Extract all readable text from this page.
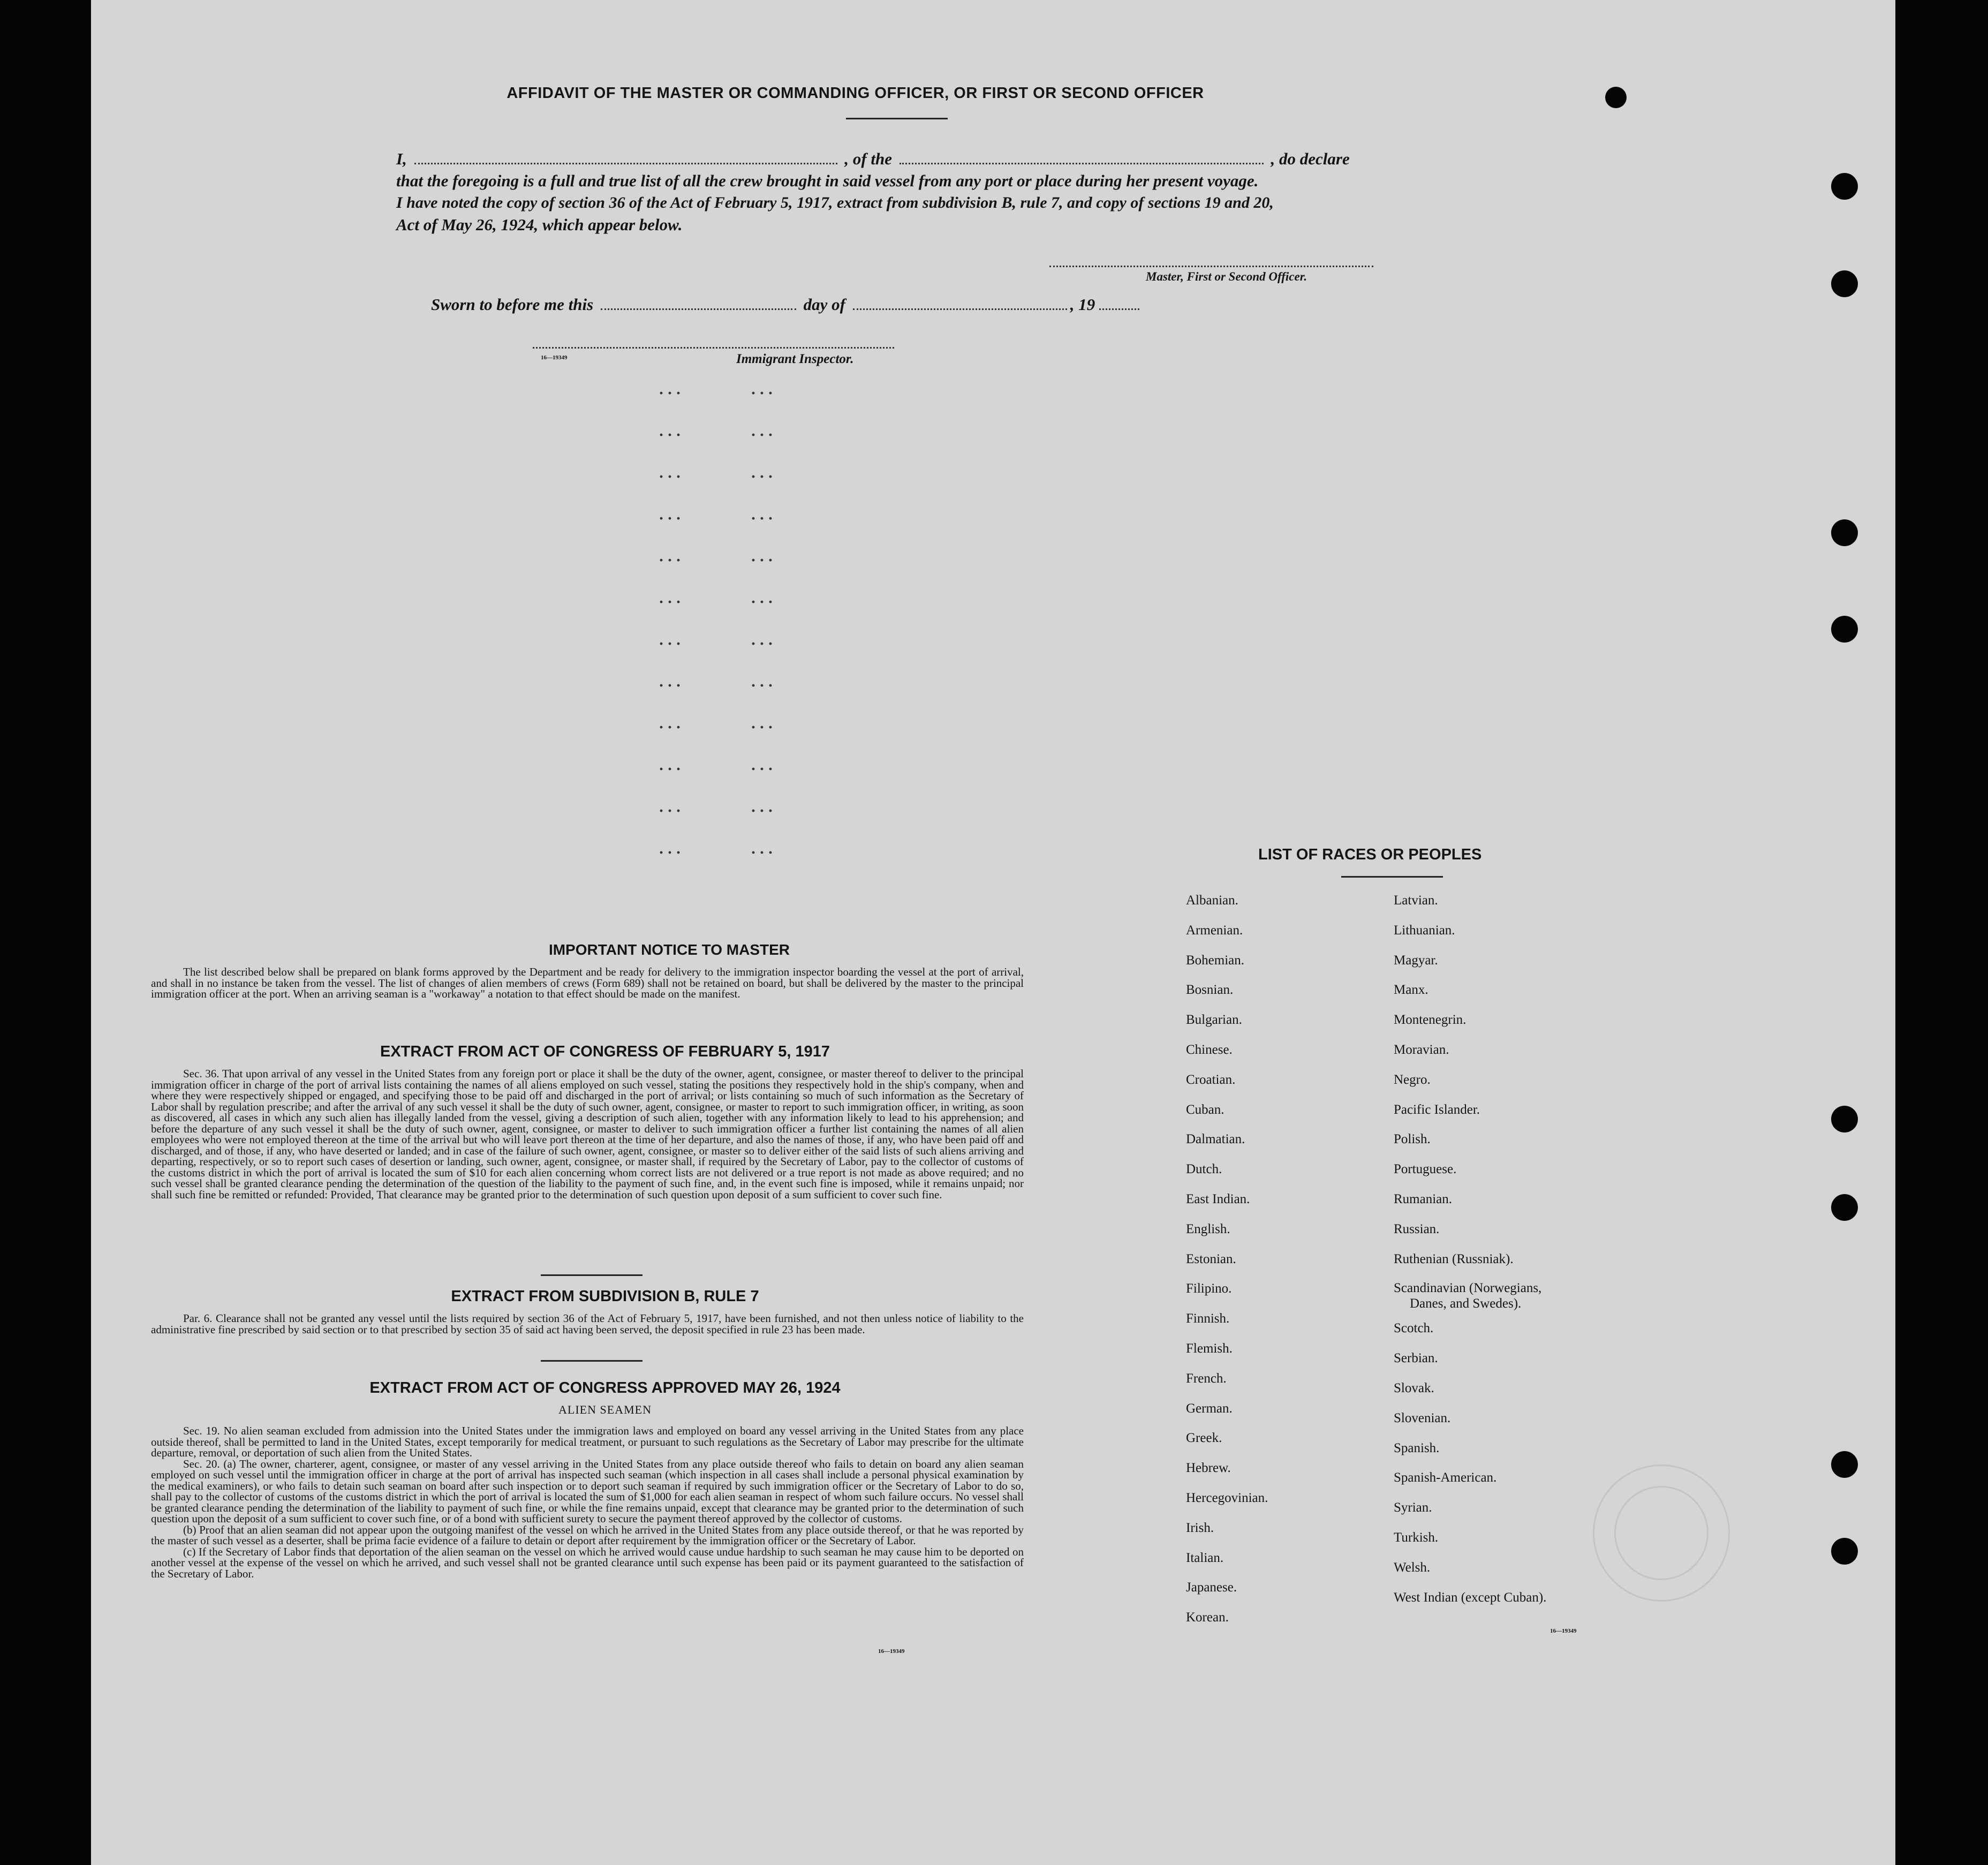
AFFIDAVIT OF THE MASTER OR COMMANDING OFFICER, OR FIRST OR SECOND OFFICER
I,	, of the	, do declare
that the foregoing is a full and true list of all the crew brought in said vessel from any port or place during her present voyage.
I have noted the copy of section 36 of the Act of February 5, 1917, extract from subdivision B, rule 7, and copy of sections 19 and 20,
Act of May 26, 1924, which appear below.
Master, First or Second Officer.
Sworn to before me this	day of	, 19
16—19349	Immigrant Inspector.
···	···
···	···
···	···
···	···
···	···
···	···
···	···
···	···
···	···
···	···
···	···
···	···
IMPORTANT NOTICE TO MASTER
The list described below shall be prepared on blank forms approved by the Department and be ready for delivery to the immigration inspector boarding the vessel at the port of arrival, and shall in no instance be taken from the vessel. The list of changes of alien members of crews (Form 689) shall not be retained on board, but shall be delivered by the master to the principal immigration officer at the port. When an arriving seaman is a "workaway" a notation to that effect should be made on the manifest.
EXTRACT FROM ACT OF CONGRESS OF FEBRUARY 5, 1917
Sec. 36. That upon arrival of any vessel in the United States from any foreign port or place it shall be the duty of the owner, agent, consignee, or master thereof to deliver to the principal immigration officer in charge of the port of arrival lists containing the names of all aliens employed on such vessel, stating the positions they respectively hold in the ship's company, when and where they were respectively shipped or engaged, and specifying those to be paid off and discharged in the port of arrival; or lists containing so much of such information as the Secretary of Labor shall by regulation prescribe; and after the arrival of any such vessel it shall be the duty of such owner, agent, consignee, or master to report to such immigration officer, in writing, as soon as discovered, all cases in which any such alien has illegally landed from the vessel, giving a description of such alien, together with any information likely to lead to his apprehension; and before the departure of any such vessel it shall be the duty of such owner, agent, consignee, or master to deliver to such immigration officer a further list containing the names of all alien employees who were not employed thereon at the time of the arrival but who will leave port thereon at the time of her departure, and also the names of those, if any, who have been paid off and discharged, and of those, if any, who have deserted or landed; and in case of the failure of such owner, agent, consignee, or master so to deliver either of the said lists of such aliens arriving and departing, respectively, or so to report such cases of desertion or landing, such owner, agent, consignee, or master shall, if required by the Secretary of Labor, pay to the collector of customs of the customs district in which the port of arrival is located the sum of $10 for each alien concerning whom correct lists are not delivered or a true report is not made as above required; and no such vessel shall be granted clearance pending the determination of the question of the liability to the payment of such fine, and, in the event such fine is imposed, while it remains unpaid; nor shall such fine be remitted or refunded: Provided, That clearance may be granted prior to the determination of such question upon deposit of a sum sufficient to cover such fine.
EXTRACT FROM SUBDIVISION B, RULE 7
Par. 6. Clearance shall not be granted any vessel until the lists required by section 36 of the Act of February 5, 1917, have been furnished, and not then unless notice of liability to the administrative fine prescribed by said section or to that prescribed by section 35 of said act having been served, the deposit specified in rule 23 has been made.
EXTRACT FROM ACT OF CONGRESS APPROVED MAY 26, 1924
ALIEN SEAMEN
Sec. 19. No alien seaman excluded from admission into the United States under the immigration laws and employed on board any vessel arriving in the United States from any place outside thereof, shall be permitted to land in the United States, except temporarily for medical treatment, or pursuant to such regulations as the Secretary of Labor may prescribe for the ultimate departure, removal, or deportation of such alien from the United States.
Sec. 20. (a) The owner, charterer, agent, consignee, or master of any vessel arriving in the United States from any place outside thereof who fails to detain on board any alien seaman employed on such vessel until the immigration officer in charge at the port of arrival has inspected such seaman (which inspection in all cases shall include a personal physical examination by the medical examiners), or who fails to detain such seaman on board after such inspection or to deport such seaman if required by such immigration officer or the Secretary of Labor to do so, shall pay to the collector of customs of the customs district in which the port of arrival is located the sum of $1,000 for each alien seaman in respect of whom such failure occurs. No vessel shall be granted clearance pending the determination of the liability to payment of such fine, or while the fine remains unpaid, except that clearance may be granted prior to the determination of such question upon the deposit of a sum sufficient to cover such fine, or of a bond with sufficient surety to secure the payment thereof approved by the collector of customs.
(b) Proof that an alien seaman did not appear upon the outgoing manifest of the vessel on which he arrived in the United States from any place outside thereof, or that he was reported by the master of such vessel as a deserter, shall be prima facie evidence of a failure to detain or deport after requirement by the immigration officer or the Secretary of Labor.
(c) If the Secretary of Labor finds that deportation of the alien seaman on the vessel on which he arrived would cause undue hardship to such seaman he may cause him to be deported on another vessel at the expense of the vessel on which he arrived, and such vessel shall not be granted clearance until such expense has been paid or its payment guaranteed to the satisfaction of the Secretary of Labor.
16—19349
LIST OF RACES OR PEOPLES
Albanian.
Armenian.
Bohemian.
Bosnian.
Bulgarian.
Chinese.
Croatian.
Cuban.
Dalmatian.
Dutch.
East Indian.
English.
Estonian.
Filipino.
Finnish.
Flemish.
French.
German.
Greek.
Hebrew.
Hercegovinian.
Irish.
Italian.
Japanese.
Korean.
Latvian.
Lithuanian.
Magyar.
Manx.
Montenegrin.
Moravian.
Negro.
Pacific Islander.
Polish.
Portuguese.
Rumanian.
Russian.
Ruthenian (Russniak).
Scandinavian (Norwegians,
Danes, and Swedes).
Scotch.
Serbian.
Slovak.
Slovenian.
Spanish.
Spanish-American.
Syrian.
Turkish.
Welsh.
West Indian (except Cuban).
16—19349
